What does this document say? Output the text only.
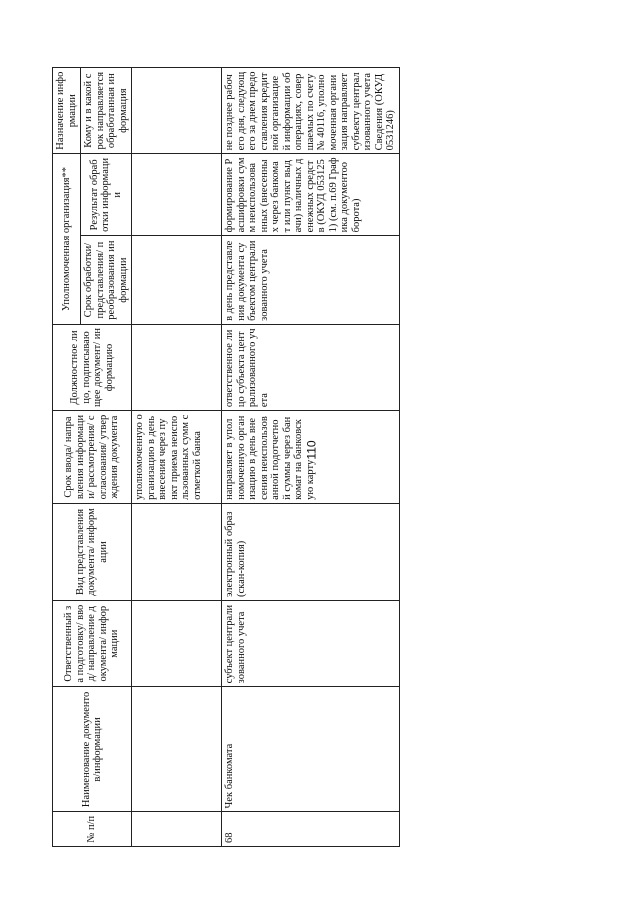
110
№ п/п	Наименование документов/информации	Ответственный за подготовку/ ввод/ направление документа/ информации	Вид представления документа/ информации	Срок ввода/ направления информации/ рассмотрения/ согласования/ утверждения документа	Должностное лицо, подписывающее документ/ информацию	Уполномоченная организация**		Назначение информации
						Срок обработки/ представления/ преобразования информации	Результат обработки информации	Кому и в какой срок направляется обработанная информация
				уполномоченную организацию в день внесения через пункт приема неиспользованных сумм с отметкой банка				
68	Чек банкомата	субъект централизованного учета	электронный образ (скан-копия)	направляет в уполномоченную организацию в день внесения неиспользованной подотчетной суммы через банкомат на банковскую карту	ответственное лицо субъекта централизованного учета	в день представления документа субъектом централизованного учета	формирование Расшифровки сумм неиспользованных (внесенных через банкомат или пункт выдачи) наличных денежных средств (ОКУД 0531251) (см. п.69 Графика документооборота)	не позднее рабочего дня, следующего за днем предоставления кредитной организацией информации об операциях, совершаемых по счету № 40116, уполномоченная организация направляет субъекту централизованного учета Сведения (ОКУД 0531246)
